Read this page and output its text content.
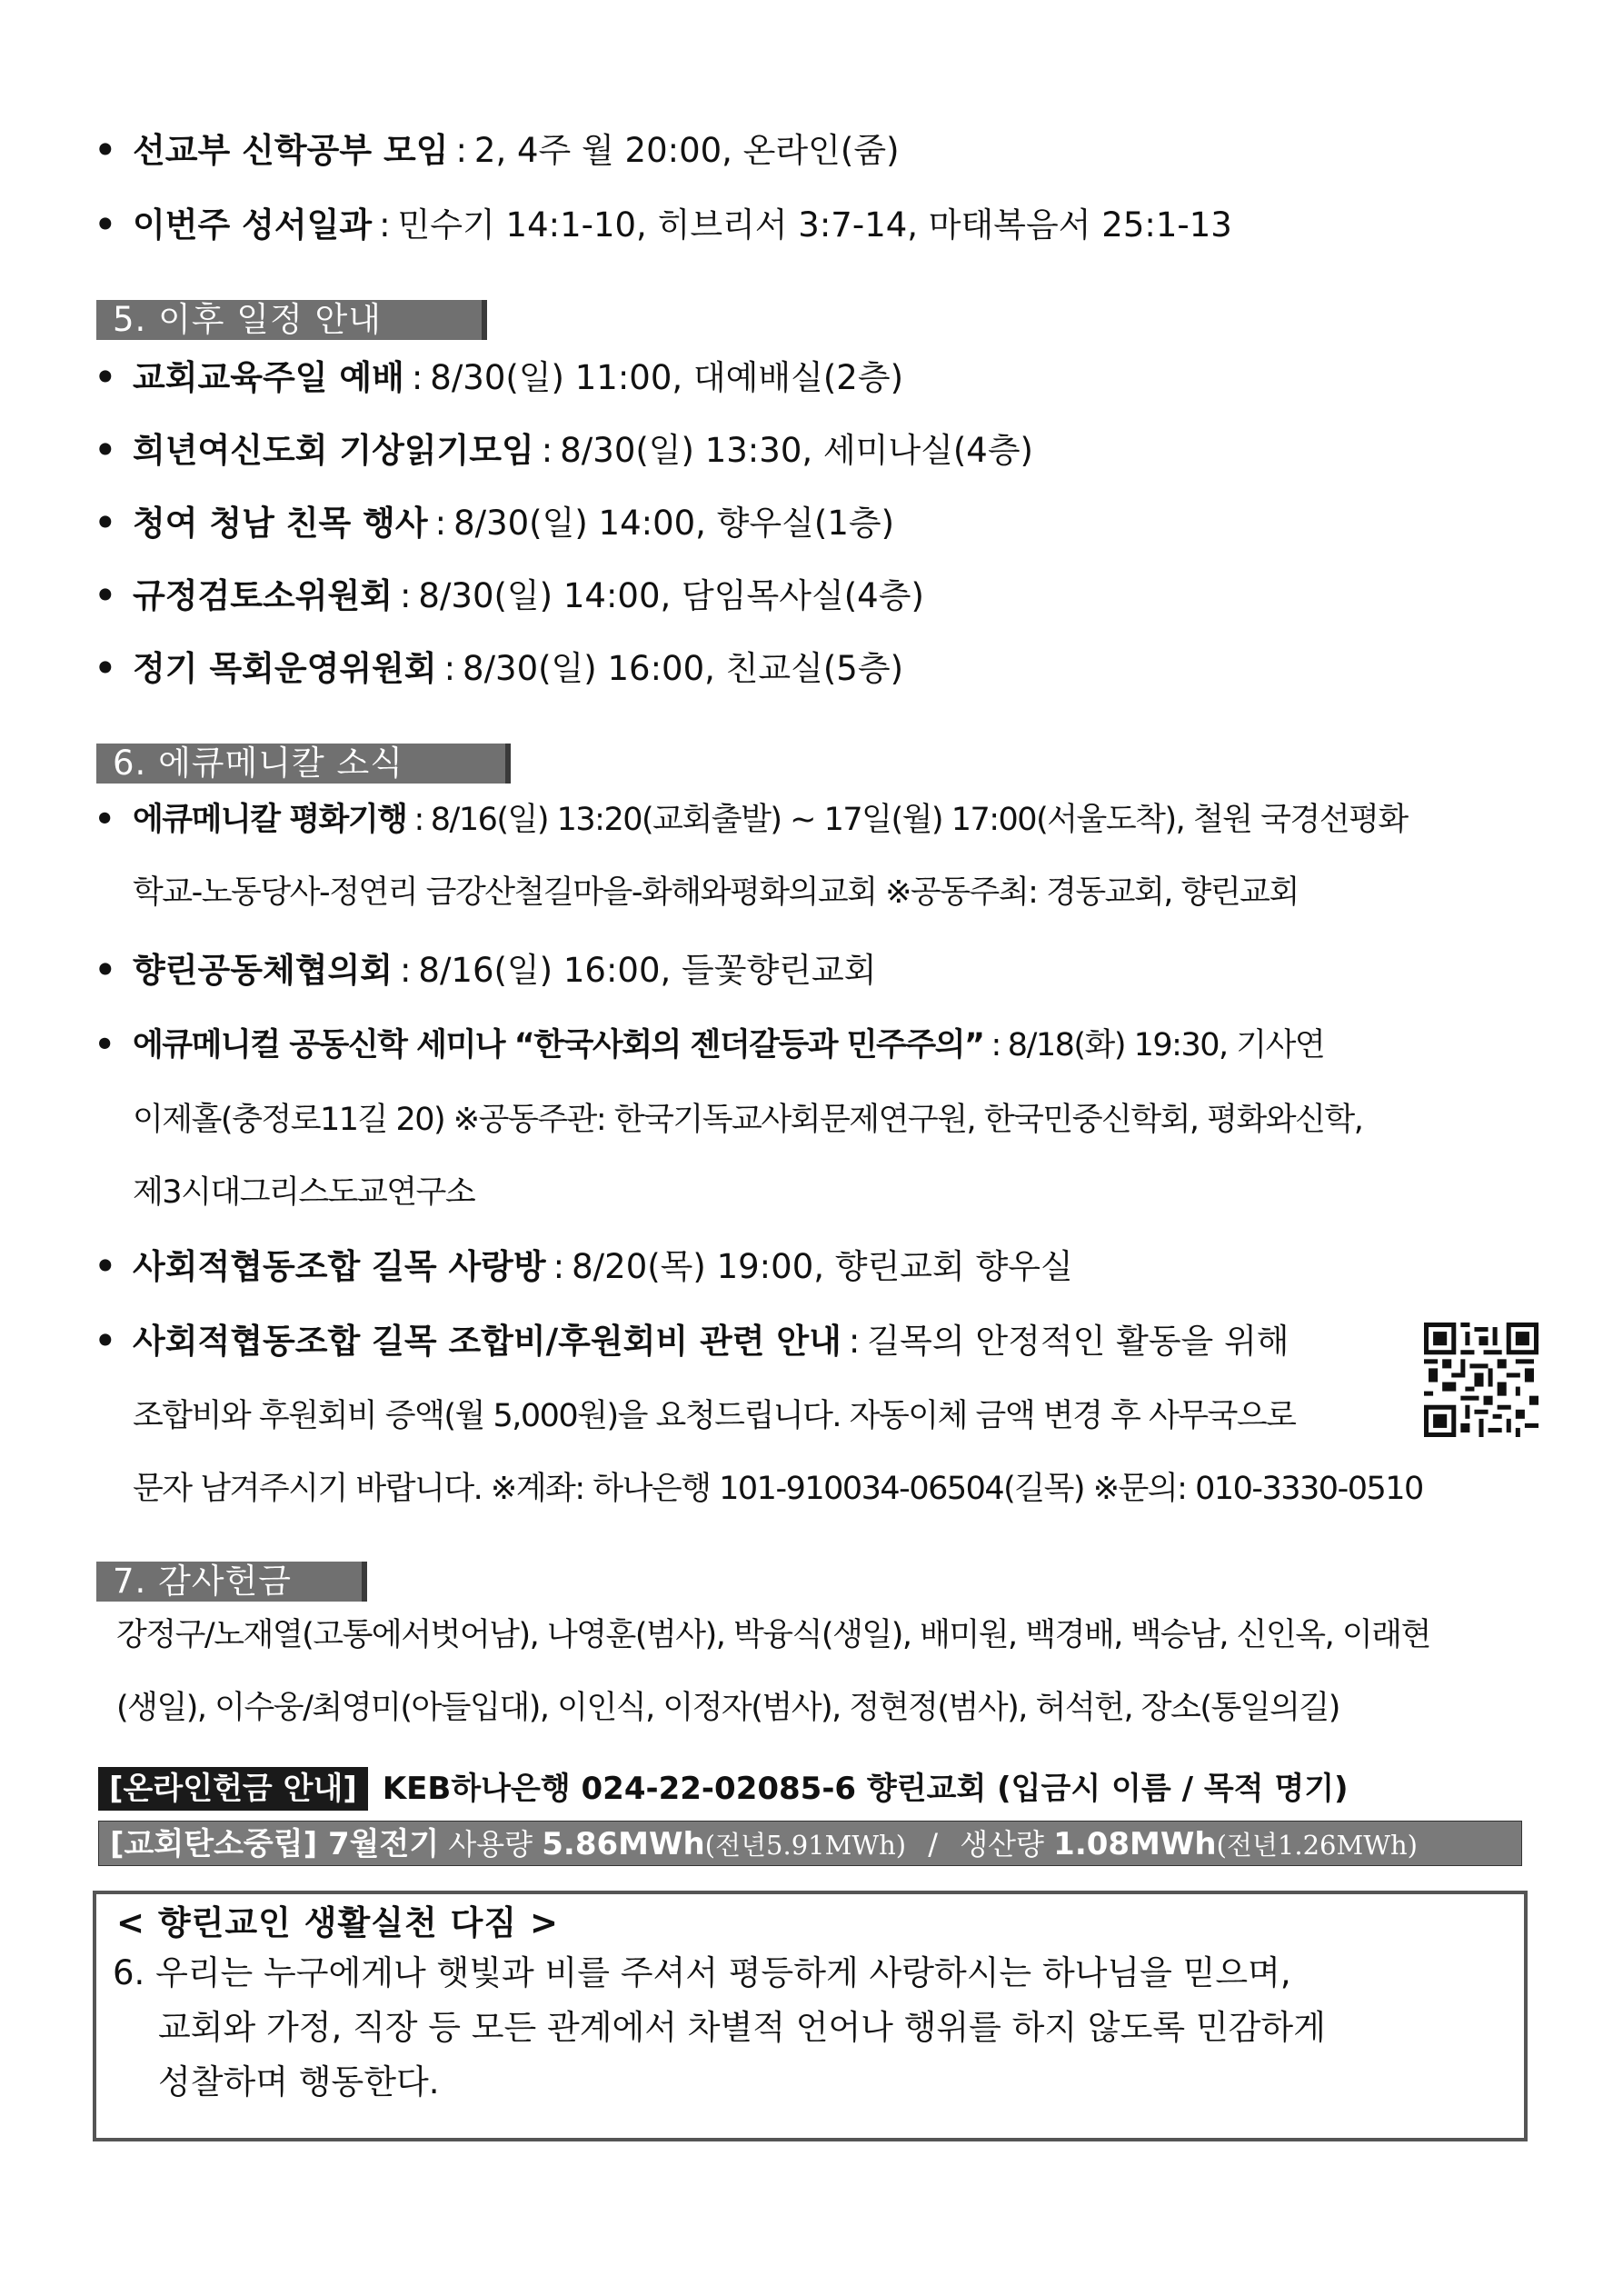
• 선교부 신학공부 모임 : 2, 4주 월 20:00, 온라인(줌)
• 이번주 성서일과 : 민수기 14:1-10, 히브리서 3:7-14, 마태복음서 25:1-13
5. 이후 일정 안내
• 교회교육주일 예배 : 8/30(일) 11:00, 대예배실(2층)
• 희년여신도회 기상읽기모임 : 8/30(일) 13:30, 세미나실(4층)
• 청여 청남 친목 행사 : 8/30(일) 14:00, 향우실(1층)
• 규정검토소위원회 : 8/30(일) 14:00, 담임목사실(4층)
• 정기 목회운영위원회 : 8/30(일) 16:00, 친교실(5층)
6. 에큐메니칼 소식
• 에큐메니칼 평화기행 : 8/16(일) 13:20(교회출발) ~ 17일(월) 17:00(서울도착), 철원 국경선평화
학교-노동당사-정연리 금강산철길마을-화해와평화의교회 ※공동주최: 경동교회, 향린교회
• 향린공동체협의회 : 8/16(일) 16:00, 들꽃향린교회
• 에큐메니컬 공동신학 세미나 “한국사회의 젠더갈등과 민주주의” : 8/18(화) 19:30, 기사연
이제홀(충정로11길 20) ※공동주관: 한국기독교사회문제연구원, 한국민중신학회, 평화와신학,
제3시대그리스도교연구소
• 사회적협동조합 길목 사랑방 : 8/20(목) 19:00, 향린교회 향우실
• 사회적협동조합 길목 조합비/후원회비 관련 안내 : 길목의 안정적인 활동을 위해
조합비와 후원회비 증액(월 5,000원)을 요청드립니다. 자동이체 금액 변경 후 사무국으로
문자 남겨주시기 바랍니다. ※계좌: 하나은행 101-910034-06504(길목) ※문의: 010-3330-0510
7. 감사헌금
강정구/노재열(고통에서벗어남), 나영훈(범사), 박융식(생일), 배미원, 백경배, 백승남, 신인옥, 이래현
(생일), 이수웅/최영미(아들입대), 이인식, 이정자(범사), 정현정(범사), 허석헌, 장소(통일의길)
[온라인헌금 안내] KEB하나은행 024-22-02085-6 향린교회 (입금시 이름 / 목적 명기)
[교회탄소중립] 7월전기 사용량 5.86MWh(전년5.91MWh) / 생산량 1.08MWh(전년1.26MWh)
< 향린교인 생활실천 다짐 >
6. 우리는 누구에게나 햇빛과 비를 주셔서 평등하게 사랑하시는 하나님을 믿으며,
교회와 가정, 직장 등 모든 관계에서 차별적 언어나 행위를 하지 않도록 민감하게
성찰하며 행동한다.
